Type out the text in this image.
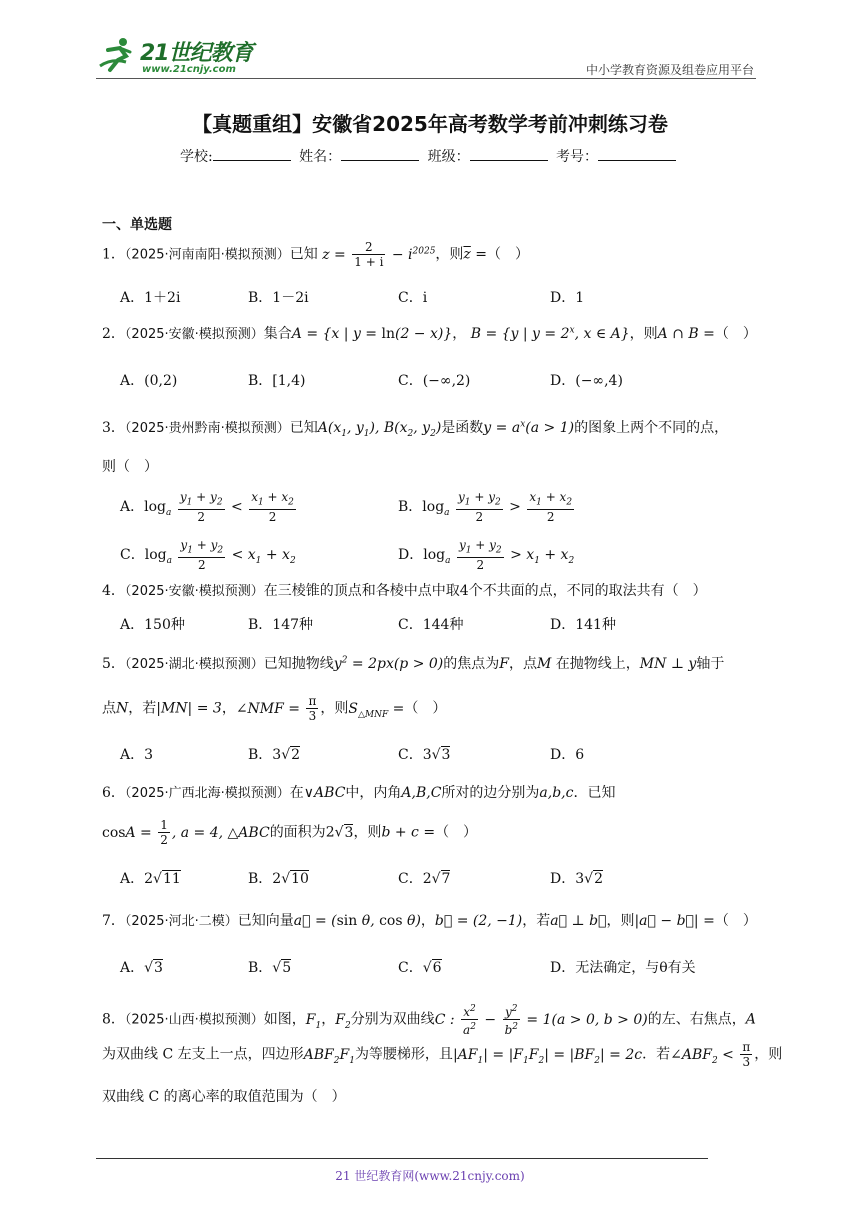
21世纪教育
www.21cnjy.com	中小学教育资源及组卷应用平台
【真题重组】安徽省2025年高考数学考前冲刺练习卷
学校:	姓名：	班级：	考号：
一、单选题
1．（2025·河南南阳·模拟预测）已知 $z = \frac{2}{1 + i} - i^{2025}$，则$\overline{z}$ =（　）
A．1＋2i	B．1－2i	C．i	D．1
2．（2025·安徽·模拟预测）集合A = {x | y = ln(2 − x)}， B = {y | $y = 2^x$, x ∈ A}，则A ∩ B =（　）
A．(0,2)	B．[1,4)	C．(−∞,2)	D．(−∞,4)
3．（2025·贵州黔南·模拟预测）已知$A(x_1$, $y_1$), $B(x_2$, $y_2$)是函数$y = a^x(a > 1)$的图象上两个不同的点，
则（　）
A．$\log_a \frac{y_1 + y_2}{2} < \frac{x_1 + x_2}{2}$	B．$\log_a \frac{y_1 + y_2}{2} > \frac{x_1 + x_2}{2}$
C．$\log_a \frac{y_1 + y_2}{2} < x_1 + x_2$	D．$\log_a \frac{y_1 + y_2}{2} > x_1 + x_2$
4．（2025·安徽·模拟预测）在三棱锥的顶点和各棱中点中取4个不共面的点，不同的取法共有（　）
A．150种	B．147种	C．144种	D．141种
5．（2025·湖北·模拟预测）已知抛物线$y^2 = 2px(p > 0)$的焦点为F，点M 在抛物线上，MN ⊥ y轴于
点N，若|MN| = 3，∠NMF = $\frac{\pi}{3}$ ，则$S_{\triangle MNF}$ =（　）
A．3	B．3√2	C．3√3	D．6
6．（2025·广西北海·模拟预测）在∨ABC中，内角A,B,C所对的边分别为a,b,c．已知
$\cos A = \frac{1}{2}$ , a = 4, △ABC的面积为2√3，则b + c =（　）
A．2√11	B．2√10	C．2√7	D．3√2
7．（2025·河北·二模）已知向量a⃗ = (sin θ, cos θ)，b⃗ = (2, −1)，若a⃗ ⊥ b⃗，则|a⃗ − b⃗| =（　）
A．√3	B．√5	C．√6	D．无法确定，与θ有关
8．（2025·山西·模拟预测）如图，$F_1$，$F_2$分别为双曲线C : $\frac{x^2}{a^2} - \frac{y^2}{b^2} = 1(a > 0$, b > 0)的左、右焦点，A
为双曲线 C 左支上一点，四边形$ABF_2F_1$为等腰梯形，且$|AF_1| = |F_1F_2| = |BF_2| = 2c$．若$\angle ABF_2 < \frac{\pi}{3}$ ，则
双曲线 C 的离心率的取值范围为（　）
21 世纪教育网(www.21cnjy.com)
